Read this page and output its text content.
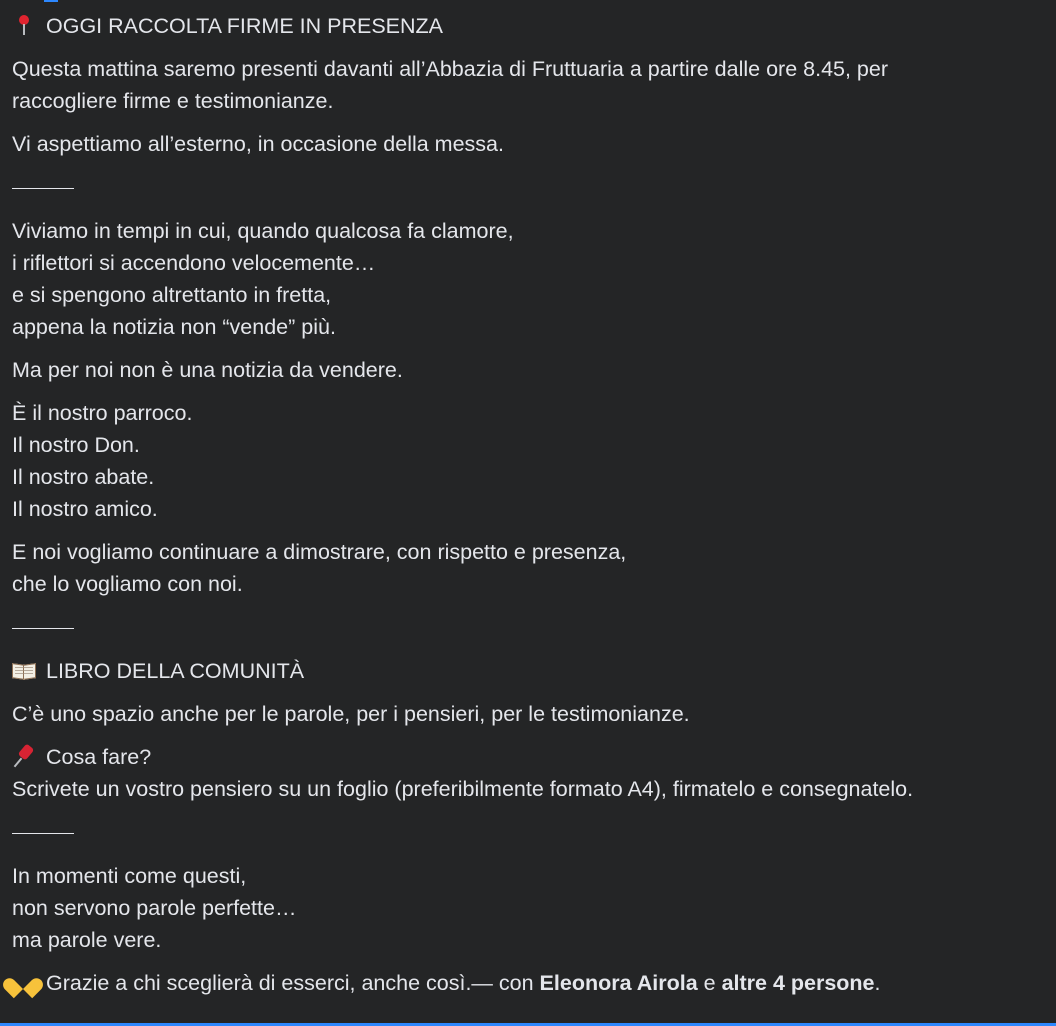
OGGI RACCOLTA FIRME IN PRESENZA
Questa mattina saremo presenti davanti all’Abbazia di Fruttuaria a partire dalle ore 8.45, per
raccogliere firme e testimonianze.
Vi aspettiamo all’esterno, in occasione della messa.
Viviamo in tempi in cui, quando qualcosa fa clamore,
i riflettori si accendono velocemente…
e si spengono altrettanto in fretta,
appena la notizia non “vende” più.
Ma per noi non è una notizia da vendere.
È il nostro parroco.
Il nostro Don.
Il nostro abate.
Il nostro amico.
E noi vogliamo continuare a dimostrare, con rispetto e presenza,
che lo vogliamo con noi.
LIBRO DELLA COMUNITÀ
C’è uno spazio anche per le parole, per i pensieri, per le testimonianze.
Cosa fare?
Scrivete un vostro pensiero su un foglio (preferibilmente formato A4), firmatelo e consegnatelo.
In momenti come questi,
non servono parole perfette…
ma parole vere.
Grazie a chi sceglierà di esserci, anche così.— con Eleonora Airola e altre 4 persone.
